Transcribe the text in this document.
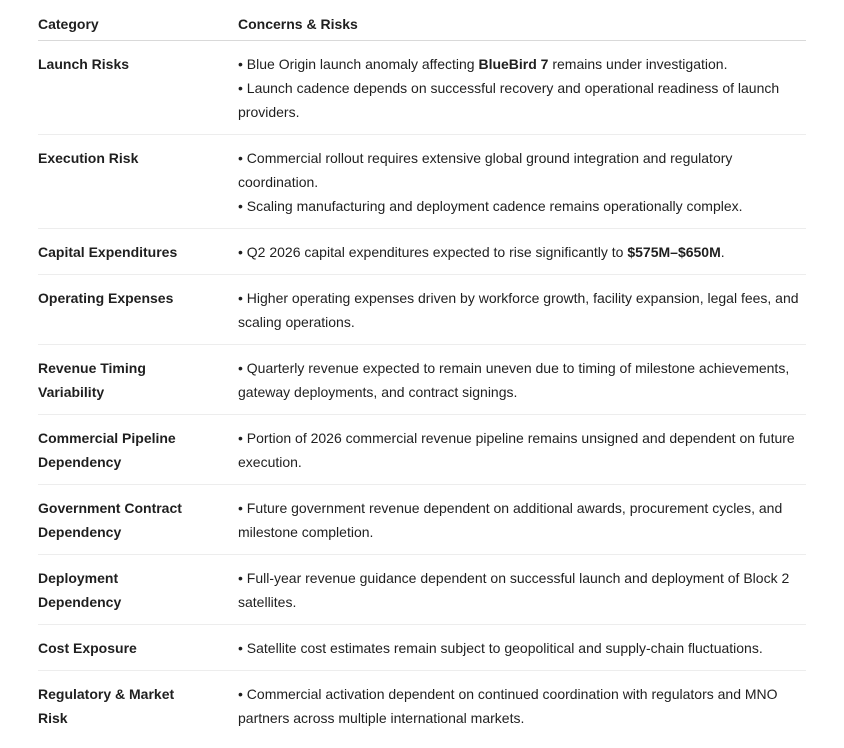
Category	Concerns & Risks
Launch Risks	• Blue Origin launch anomaly affecting BlueBird 7 remains under investigation.
• Launch cadence depends on successful recovery and operational readiness of launch providers.

Execution Risk	• Commercial rollout requires extensive global ground integration and regulatory coordination.
• Scaling manufacturing and deployment cadence remains operationally complex.

Capital Expenditures	• Q2 2026 capital expenditures expected to rise significantly to $575M–$650M.

Operating Expenses	• Higher operating expenses driven by workforce growth, facility expansion, legal fees, and scaling operations.

Revenue Timing
Variability	• Quarterly revenue expected to remain uneven due to timing of milestone achievements, gateway deployments, and contract signings.

Commercial Pipeline
Dependency	• Portion of 2026 commercial revenue pipeline remains unsigned and dependent on future execution.

Government Contract
Dependency	• Future government revenue dependent on additional awards, procurement cycles, and milestone completion.

Deployment
Dependency	• Full-year revenue guidance dependent on successful launch and deployment of Block 2 satellites.

Cost Exposure	• Satellite cost estimates remain subject to geopolitical and supply-chain fluctuations.

Regulatory & Market
Risk	• Commercial activation dependent on continued coordination with regulators and MNO partners across multiple international markets.
